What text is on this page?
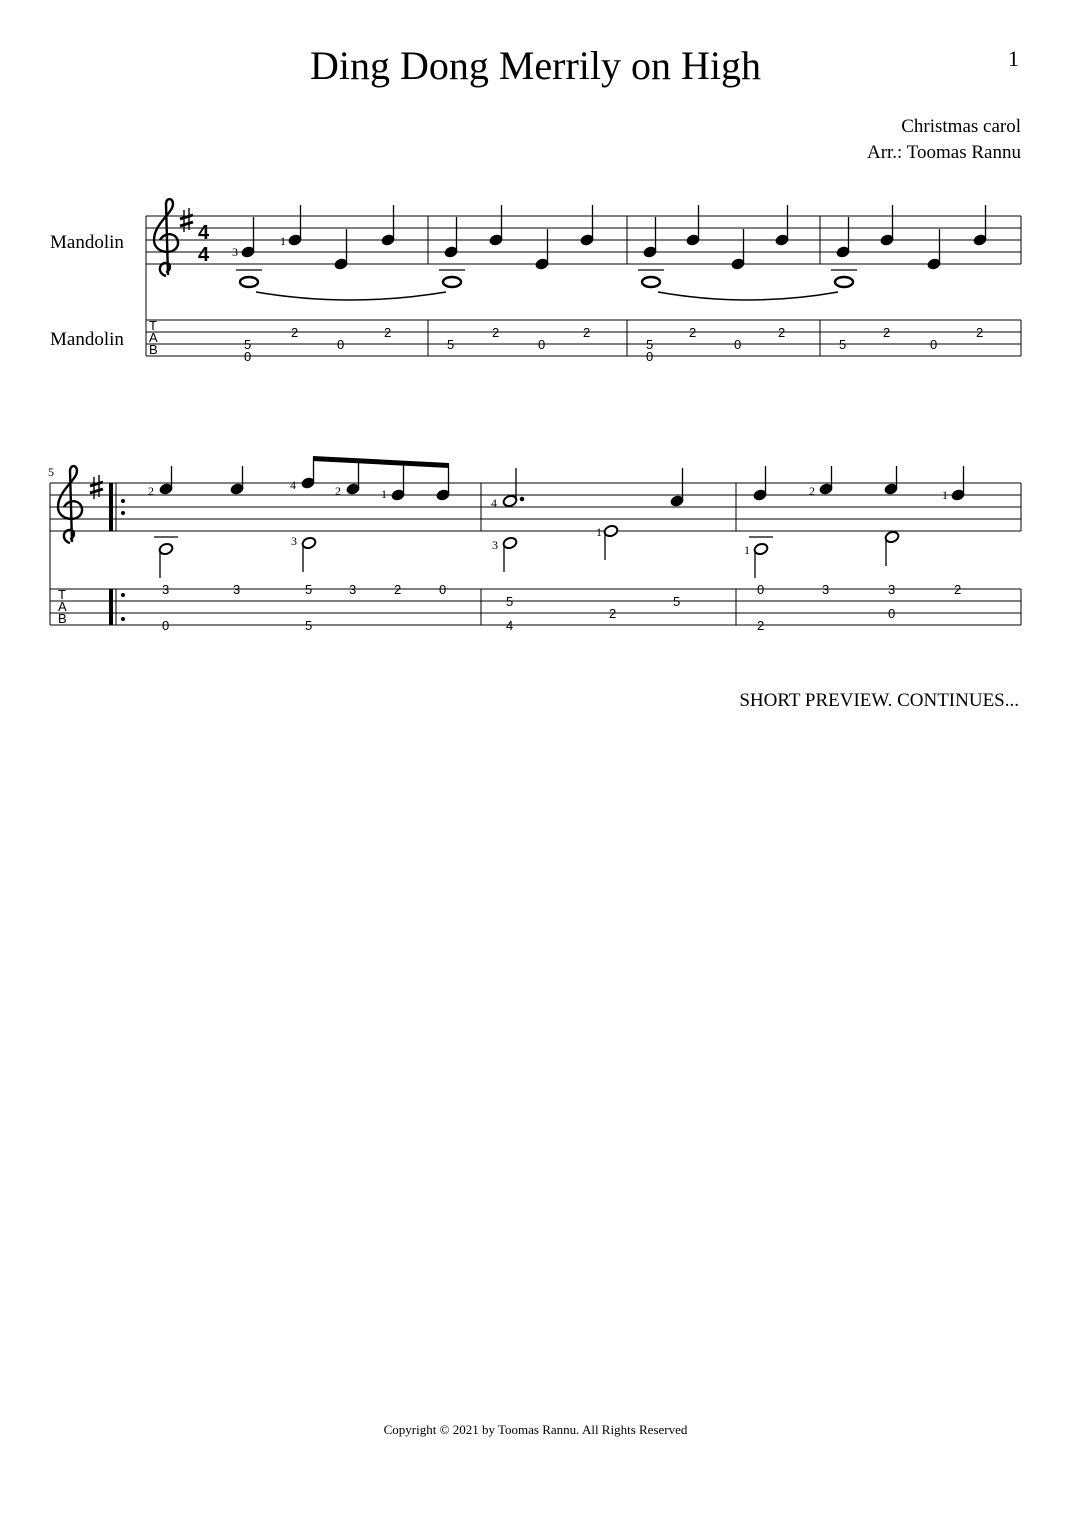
Ding Dong Merrily on High	1
Christmas carol
Arr.: Toomas Rannu
Mandolin
Mandolin
4
4
T
A
B
3
1
5
0
2
0
2
5
2
0
2
5
0
2
0
2
5
2
0
2
5
T
A
B
2	4	2	1
4
3	3
1
1
2	1
3
0
3	5
5
3	2	0
5
4
2
5
0
2
3	3
0
2
SHORT PREVIEW. CONTINUES...
Copyright © 2021 by Toomas Rannu. All Rights Reserved
